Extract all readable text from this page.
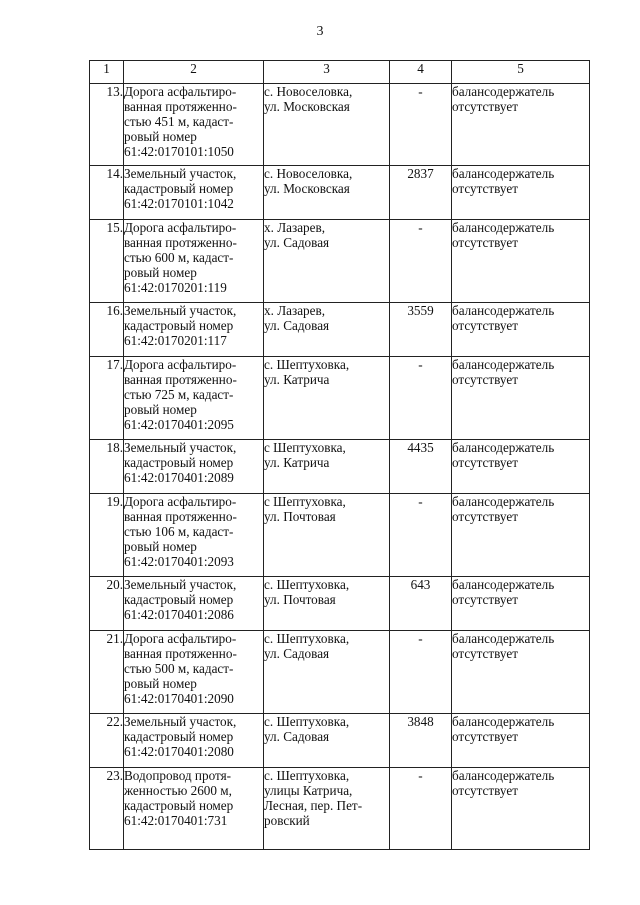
3
1	2	3	4	5
13.	Дорога асфальтиро-
ванная протяженно-
стью 451 м, кадаст-
ровый номер
61:42:0170101:1050	с. Новоселовка,
ул. Московская	-	балансодержатель
отсутствует

14.	Земельный участок,
кадастровый номер
61:42:0170101:1042	с. Новоселовка,
ул. Московская	2837	балансодержатель
отсутствует

15.	Дорога асфальтиро-
ванная протяженно-
стью 600 м, кадаст-
ровый номер
61:42:0170201:119	х. Лазарев,
ул. Садовая	-	балансодержатель
отсутствует

16.	Земельный участок,
кадастровый номер
61:42:0170201:117	х. Лазарев,
ул. Садовая	3559	балансодержатель
отсутствует

17.	Дорога асфальтиро-
ванная протяженно-
стью 725 м, кадаст-
ровый номер
61:42:0170401:2095	с. Шептуховка,
ул. Катрича	-	балансодержатель
отсутствует

18.	Земельный участок,
кадастровый номер
61:42:0170401:2089	с Шептуховка,
ул. Катрича	4435	балансодержатель
отсутствует

19.	Дорога асфальтиро-
ванная протяженно-
стью 106 м, кадаст-
ровый номер
61:42:0170401:2093	с Шептуховка,
ул. Почтовая	-	балансодержатель
отсутствует

20.	Земельный участок,
кадастровый номер
61:42:0170401:2086	с. Шептуховка,
ул. Почтовая	643	балансодержатель
отсутствует

21.	Дорога асфальтиро-
ванная протяженно-
стью 500 м, кадаст-
ровый номер
61:42:0170401:2090	с. Шептуховка,
ул. Садовая	-	балансодержатель
отсутствует

22.	Земельный участок,
кадастровый номер
61:42:0170401:2080	с. Шептуховка,
ул. Садовая	3848	балансодержатель
отсутствует

23.	Водопровод протя-
женностью 2600 м,
кадастровый номер
61:42:0170401:731	с. Шептуховка,
улицы Катрича,
Лесная, пер. Пет-
ровский	-	балансодержатель
отсутствует
